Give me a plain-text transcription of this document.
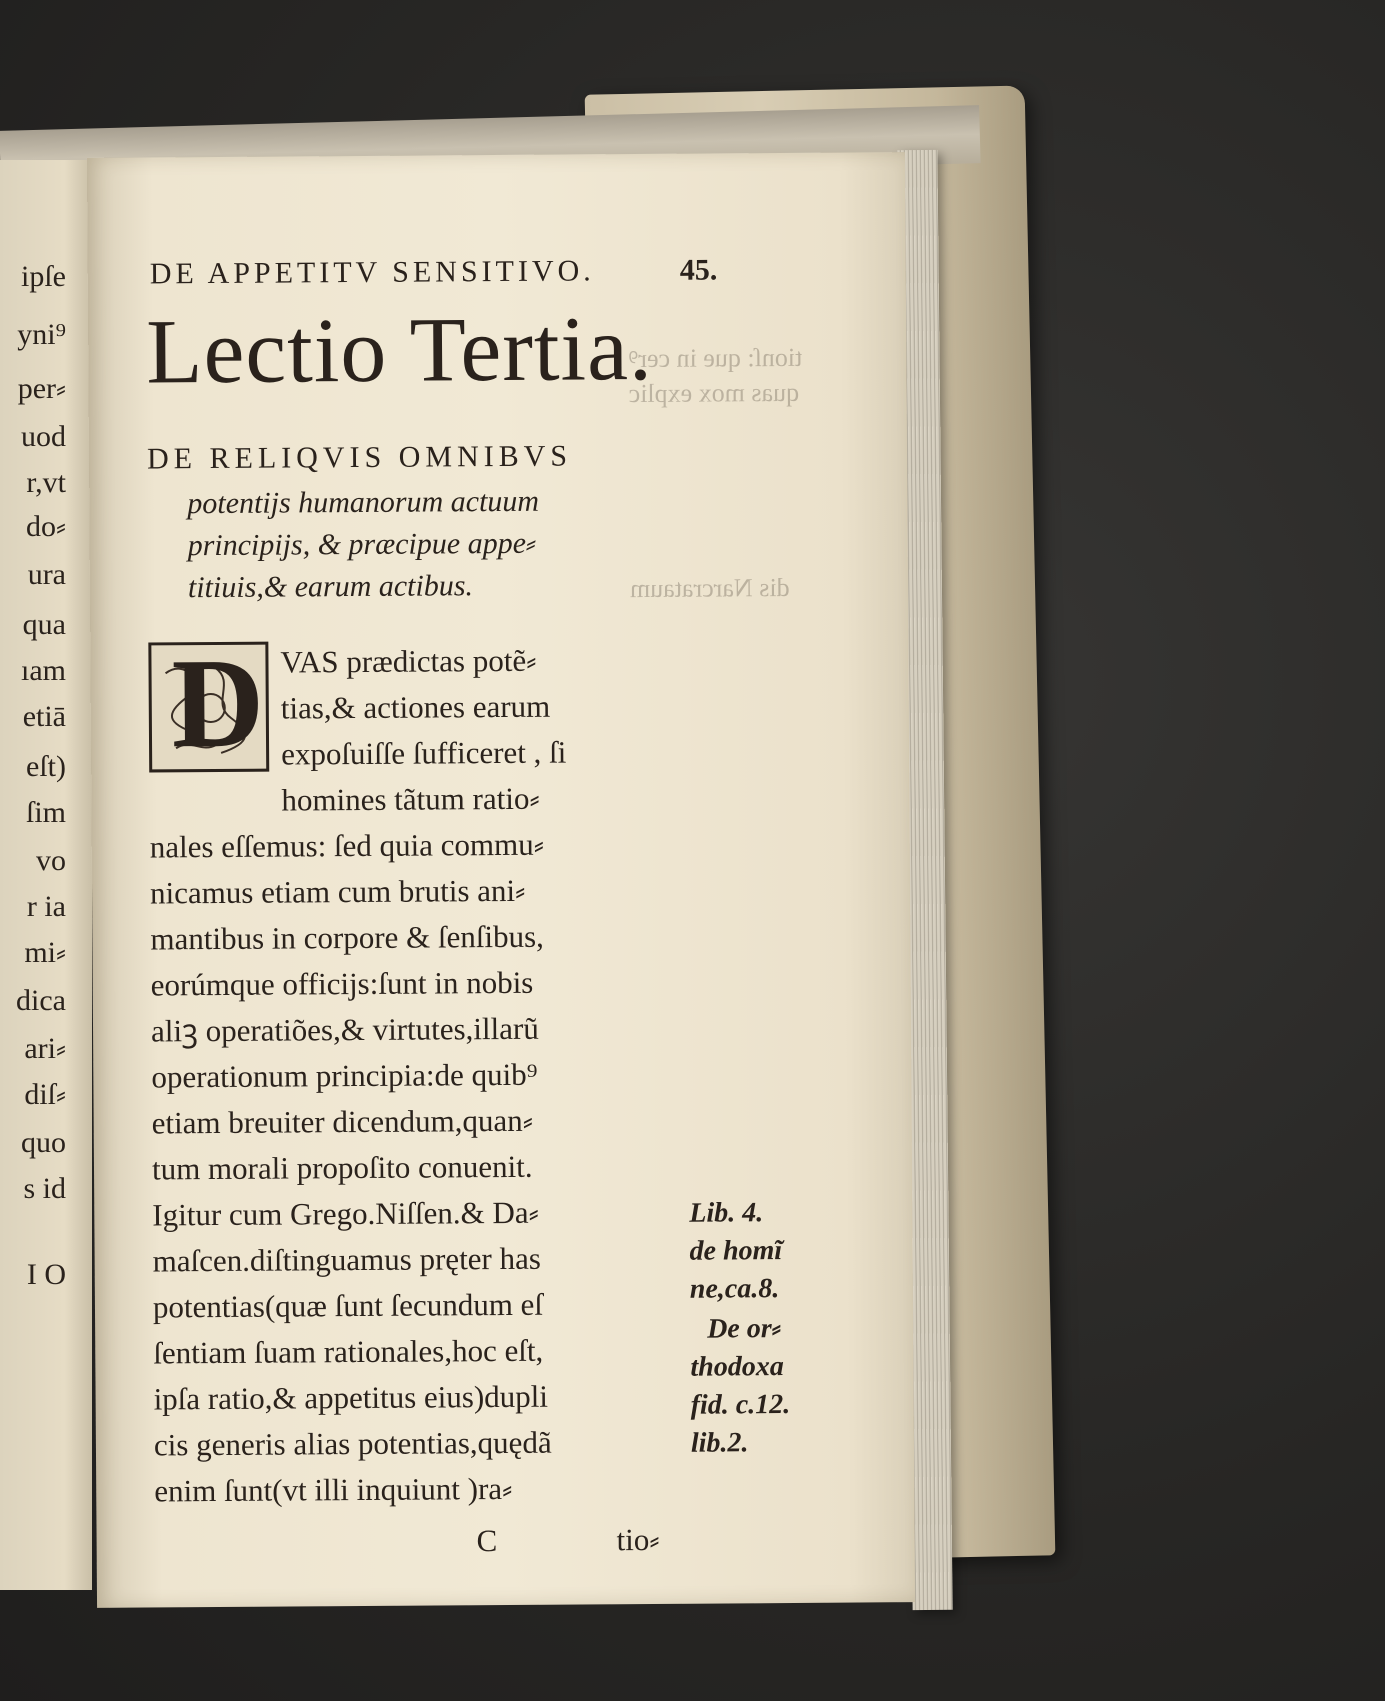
ipſe
yni⁹
per⸗
uod
r,vt
do⸗
ura
qua
ıam
etiā
eſt)
ſim
vo
r ia
mi⸗
dica
ari⸗
diſ⸗
quo
s id
I O
tionſ: que in cerꝰ
quas mox explic
dis Narcrataum
DE APPETITV SENSITIVO.	45.
Lectio Tertia.
DE RELIQVIS OMNIBVS
potentijs humanorum actuum
principijs, & præcipue appe⸗
titiuis,& earum actibus.
D VAS prædictas potẽ⸗
tias,& actiones earum
expoſuiſſe ſufficeret , ſi
homines tãtum ratio⸗
nales eſſemus: ſed quia commu⸗
nicamus etiam cum brutis ani⸗
mantibus in corpore & ſenſibus,
eorúmque officijs:ſunt in nobis
aliꝫ operatiões,& virtutes,illarũ
operationum principia:de quib⁹
etiam breuiter dicendum,quan⸗
tum morali propoſito conuenit.
Igitur cum Grego.Niſſen.& Da⸗
maſcen.diſtinguamus pręter has
potentias(quæ ſunt ſecundum eſ
ſentiam ſuam rationales,hoc eſt,
ipſa ratio,& appetitus eius)dupli
cis generis alias potentias,quędã
enim ſunt(vt illi inquiunt )ra⸗
C	tio⸗
Lib. 4.
de homĩ
ne,ca.8.
De or⸗
thodoxa
fid. c.12.
lib.2.
